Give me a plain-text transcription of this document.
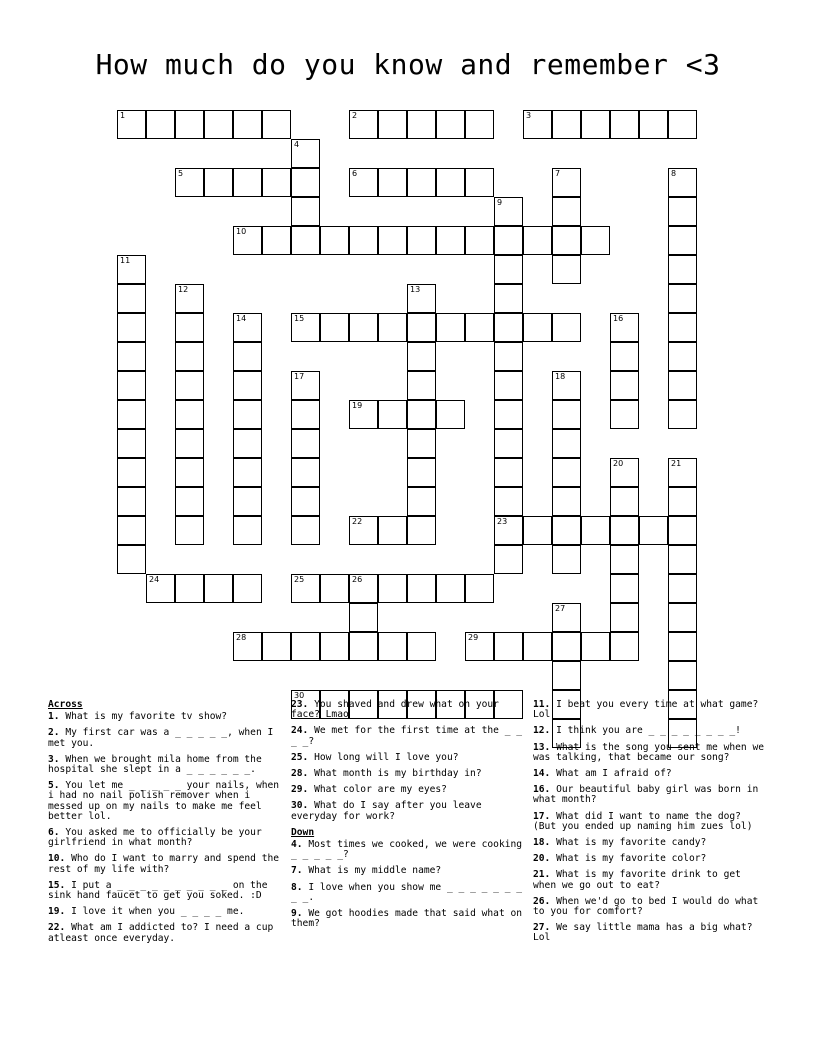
How much do you know and remember <3
1	2	3
4
5	6	7	8
9
10
11
12	13
14	15	16
17	18
19
20	21
22	23
24	25	26
27
28	29
30
Across
1. What is my favorite tv show?
2. My first car was a _ _ _ _ _, when I met you.
3. When we brought mila home from the hospital she slept in a _ _ _ _ _ _.
5. You let me _ _ _ _ _ your nails, when i had no nail polish remover when i messed up on my nails to make me feel better lol.
6. You asked me to officially be your girlfriend in what month?
10. Who do I want to marry and spend the rest of my life with?
15. I put a _ _ _ _ _ _ _ _ _ _ on the sink hand faucet to get you soked. :D
19. I love it when you _ _ _ _ me.
22. What am I addicted to? I need a cup atleast once everyday.
23. You shaved and drew what on your face? Lmao
24. We met for the first time at the _ _ _ _?
25. How long will I love you?
28. What month is my birthday in?
29. What color are my eyes?
30. What do I say after you leave everyday for work?
Down
4. Most times we cooked, we were cooking _ _ _ _ _?
7. What is my middle name?
8. I love when you show me _ _ _ _ _ _ _ _ _.
9. We got hoodies made that said what on them?
11. I beat you every time at what game? Lol
12. I think you are _ _ _ _ _ _ _ _!
13. What is the song you sent me when we was talking, that became our song?
14. What am I afraid of?
16. Our beautiful baby girl was born in what month?
17. What did I want to name the dog? (But you ended up naming him zues lol)
18. What is my favorite candy?
20. What is my favorite color?
21. What is my favorite drink to get when we go out to eat?
26. When we'd go to bed I would do what to you for comfort?
27. We say little mama has a big what? Lol
